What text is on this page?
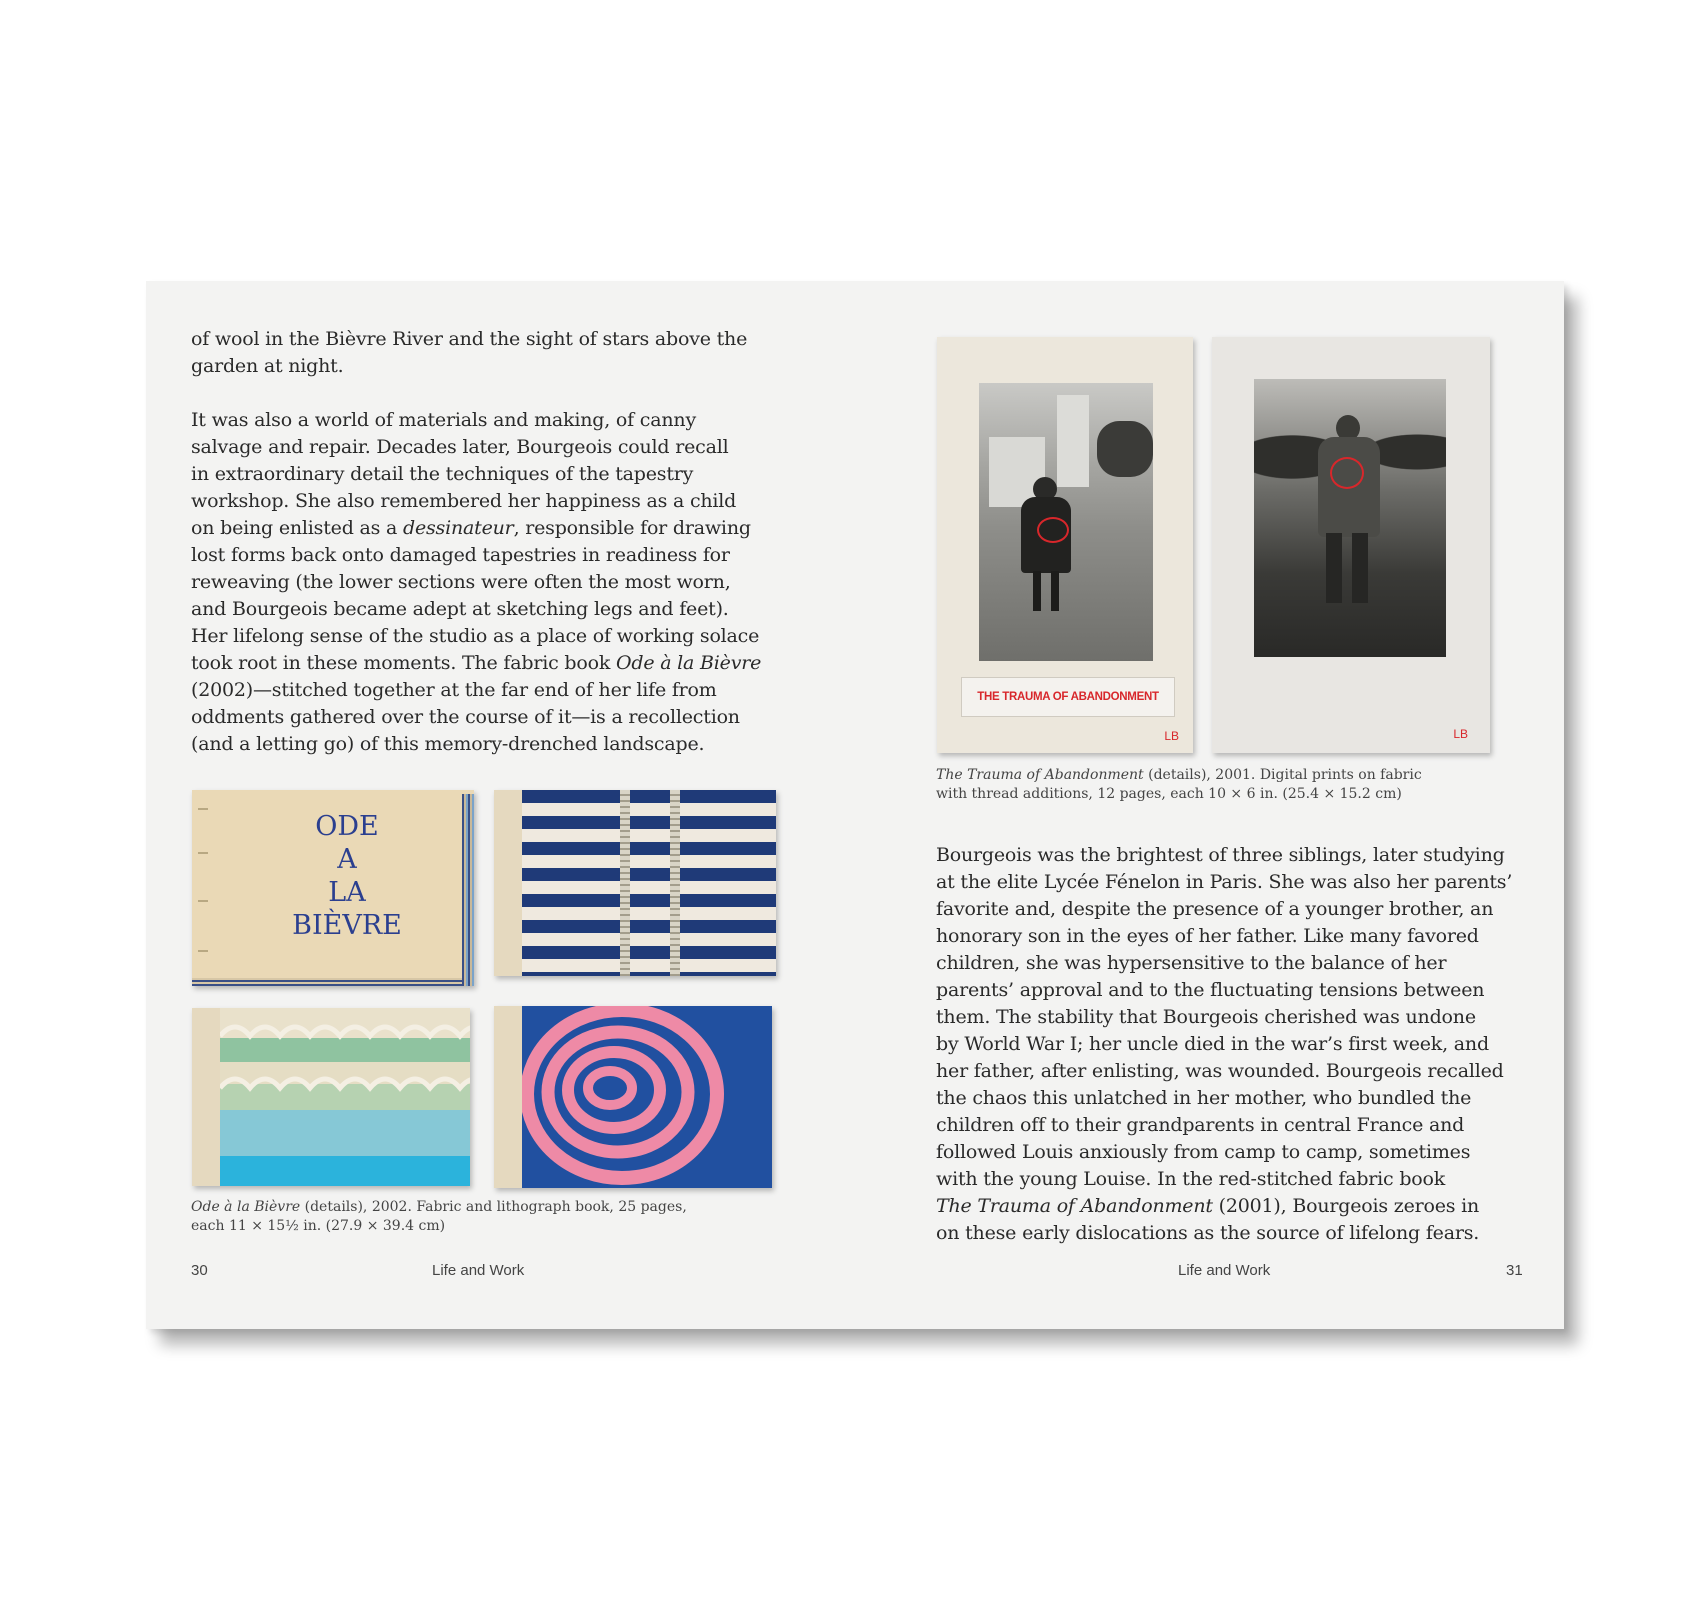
of wool in the Bièvre River and the sight of stars above the
garden at night.
It was also a world of materials and making, of canny
salvage and repair. Decades later, Bourgeois could recall
in extraordinary detail the techniques of the tapestry
workshop. She also remembered her happiness as a child
on being enlisted as a dessinateur, responsible for drawing
lost forms back onto damaged tapestries in readiness for
reweaving (the lower sections were often the most worn,
and Bourgeois became adept at sketching legs and feet).
Her lifelong sense of the studio as a place of working solace
took root in these moments. The fabric book Ode à la Bièvre
(2002)—stitched together at the far end of her life from
oddments gathered over the course of it—is a recollection
(and a letting go) of this memory-drenched landscape.
ODE
A
LA
BIÈVRE
Ode à la Bièvre (details), 2002. Fabric and lithograph book, 25 pages,
each 11 × 15½ in. (27.9 × 39.4 cm)
30	Life and Work
THE TRAUMA OF ABANDONMENT
LB	LB
The Trauma of Abandonment (details), 2001. Digital prints on fabric
with thread additions, 12 pages, each 10 × 6 in. (25.4 × 15.2 cm)
Bourgeois was the brightest of three siblings, later studying
at the elite Lycée Fénelon in Paris. She was also her parents’
favorite and, despite the presence of a younger brother, an
honorary son in the eyes of her father. Like many favored
children, she was hypersensitive to the balance of her
parents’ approval and to the fluctuating tensions between
them. The stability that Bourgeois cherished was undone
by World War I; her uncle died in the war’s first week, and
her father, after enlisting, was wounded. Bourgeois recalled
the chaos this unlatched in her mother, who bundled the
children off to their grandparents in central France and
followed Louis anxiously from camp to camp, sometimes
with the young Louise. In the red-stitched fabric book
The Trauma of Abandonment (2001), Bourgeois zeroes in
on these early dislocations as the source of lifelong fears.
Life and Work	31
